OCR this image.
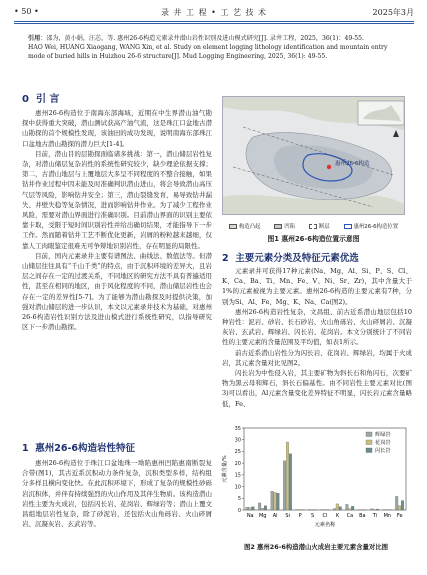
• 50 •	录 井 工 程 • 工 艺 技 术	2025年3月

引用：邵为，黄小娟，汪芯，等. 惠州26-6构造元素录井潜山岩性识别及进山模式研究[J]. 录井工程，2025，36(1)：49-55.

HAO Wei, HUANG Xiaogang, WANG Xin, et al. Study on element logging lithology identification and mountain entry

mode of buried hills in Huizhou 26-6 structure[J]. Mud Logging Engineering, 2025, 36(1): 49-55.

0 引 言

惠州26-6构造位于南海东部海域，近期在中生界潜山油气勘探中获得重大突破，潜山测试获高产油气流，这是珠江口盆地古潜山勘探的首个规模性发现，该油田的成功发现，说明南海东部珠江口盆地古潜山勘探的潜力巨大[1-4]。

目前，潜山目的层勘探面临诸多挑战：第一，潜山储层岩性复杂，对潜山储层复杂岩性的系统性研究较少，缺少理论依据支撑；第二，古潜山地层与上覆地层大多呈不同程度的不整合接触，如果钻井作业过程中因未能及时准确判识潜山进山，将会导致潜山高压气层等风险，影响钻井安全；第三，潜山裂缝发育，易导致钻井漏失、井壁失稳等复杂情况，进而影响钻井作业。为了减少工程作业风险，需要对潜山界面进行准确识别。目前潜山界面的识别主要依靠卡取，受限于短时间识别岩性并给出确切结果，才能指导下一步工作。然而随着钻井工艺不断优化更新，岩屑的粉粒越来越细，仅靠人工肉眼鉴定很难无可争辩地识别岩性，存在明显的局限性。

目前，国内元素录井主要有谱图法、曲线法、数值法等。但潜山储层往往具有“千山千类”的特点，由于沉积环境的差异大，且岩层之间存在一定的过渡关系，不同地区的研究方法不具有普遍适用性，甚至在相同的地区，由于风化程度的不同，潜山储层岩性也会存在一定的差异性[5-7]。为了能够为潜山勘探及时提供决策，加强对潜山储层的进一步认识，本文以元素录井技术为基础，对惠州26-6构造岩性识别方法及进山模式进行系统性研究，以指导研究区下一步潜山勘探。

1 惠州26-6构造岩性特征

惠州26-6构造位于珠江口盆地珠一坳陷惠州凹陷惠南断裂复合带(图1)，其古近系沉积动力条件复杂，沉积类型多样，结构组分多样且横向变化快。在此沉积环境下，形成了复杂的规模性砂砾岩沉积体，并伴有持续强烈的火山作用及其伴生物质。该构造潜山岩性主要为火成岩，包括闪长岩、花岗岩、辉绿岩等；潜山上覆文昌组地层岩性复杂，除了砂泥岩，还包括火山角砾岩、火山碎屑岩、沉凝灰岩、玄武岩等。

惠州26-6构造
构造凸起	凹陷	断层	惠州26-6构造位置
图1 惠州26-6构造位置示意图
2 主要元素分类及特征元素优选

元素录井可获得17种元素(Na、Mg、Al、Si、P、S、Cl、K、Ca、Ba、Ti、Mn、Fe、V、Ni、Sr、Zr)，其中含量大于1%的元素被视为主要元素。惠州26-6构造的主要元素有7种，分别为Si、Al、Fe、Mg、K、Na、Ca(图2)。

惠州26-6构造岩性复杂，文昌组、前古近系潜山地层包括10种岩性：泥岩、砂岩、长石砂岩、火山角砾岩、火山碎屑岩、沉凝灰岩、玄武岩、辉绿岩、闪长岩、花岗岩。本文分别统计了不同岩性的主要元素的含量范围及平均值，如表1所示。

前古近系潜山岩性分为闪长岩、花岗岩、辉绿岩，均属于火成岩，其元素含量对比见图2。

闪长岩为中性侵入岩，其主要矿物为斜长石和角闪石，次要矿物为黑云母和辉石，斜长石偏基性。由不同岩性主要元素对比(图3)可以看出，Al元素含量变化差异特征不明显，闪长岩元素含量略低，Fe、

0
5
10
15
20
25
30
35
元素含量/%
Na Mg Al Si P S Cl K Ca Ba Ti Mn Fe
元素名称
辉绿岩
花岗岩
闪长岩
图2 惠州26-6构造潜山火成岩主要元素含量对比图
